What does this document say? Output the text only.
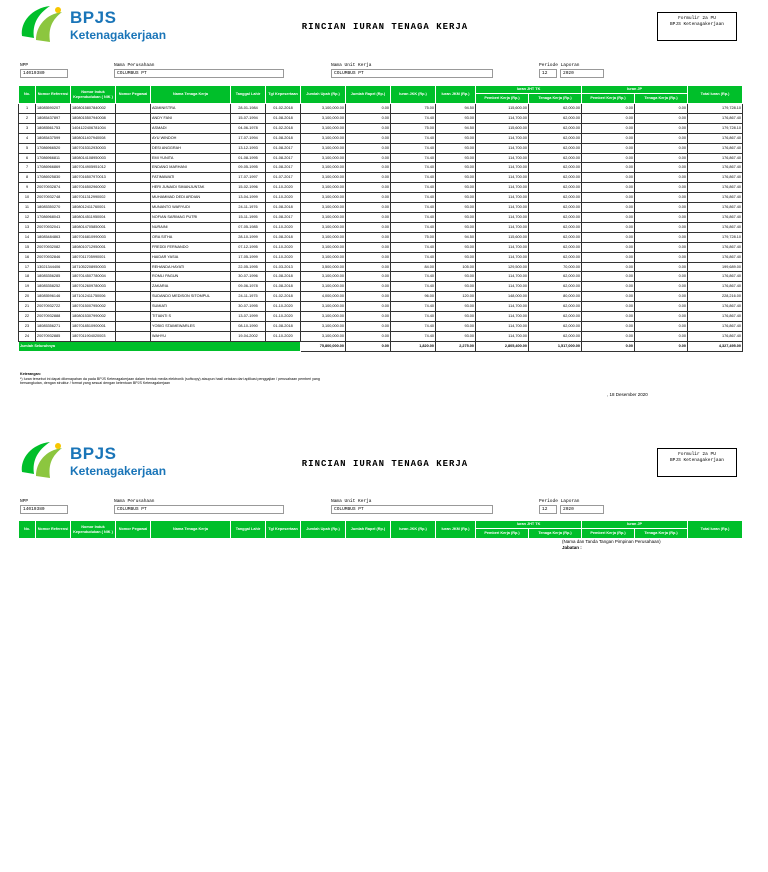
BPJS
Ketenagakerjaan
RINCIAN IURAN TENAGA KERJA
Formulir 2a PU
BPJS Ketenagakerjaan
NPP
14019380
Nama Perusahaan
COLUMBUS PT
Nama Unit Kerja
COLUMBUS PT
Periode Laporan
12	2020
No.	Nomor Referensi	Nomor Induk Kependudukan ( NIK )	Nomor Pegawai	Nama Tenaga Kerja	Tanggal Lahir	Tgl Kepesertaan	Jumlah Upah (Rp.)	Jumlah Rapel (Rp.)	Iuran JKK (Rp.)	Iuran JKM (Rp.)	Iuran JHT TK		Iuran JP		Total Iuran (Rp.)
											Pemberi Kerja (Rp.)	Tenaga Kerja (Rp.)	Pemberi Kerja (Rp.)	Tenaga Kerja (Rp.)	
1	18085590207	1808015807840002		ADMINISTRA	28-01-1984	01-02-2018	3,100,000.00	0.00	75.00	94.50	115,600.00	62,000.00	0.00	0.00	179,728.10
2	18085437897	1808015507940008		ANDY FANI	15-07-1994	01-08-2018	3,100,000.00	0.00	74.40	93.00	114,700.00	62,000.00	0.00	0.00	176,867.40
3	18085561753	1404122406781004		ASMADI	04-06-1978	01-02-2018	3,100,000.00	0.00	75.00	94.50	115,600.00	62,000.00	0.00	0.00	179,728.10
4	18085437599	1808011407940008		AYU WINDOH	17-07-1994	01-08-2018	3,100,000.00	0.00	74.40	93.00	114,700.00	62,000.00	0.00	0.00	176,867.40
5	17086966520	1807015312930003		DESI ANGGRAH	13-12-1993	01-08-2017	3,100,000.00	0.00	74.40	93.00	114,700.00	62,000.00	0.00	0.00	176,867.40
6	17086966811	1808014108950003		EMI YUNITA	01-08-1995	01-08-2017	3,100,000.00	0.00	74.40	93.00	114,700.00	62,000.00	0.00	0.00	176,867.40
7	17086966869	1807014905951012		ENDANG MARHANI	09-05-1995	01-08-2017	3,100,000.00	0.00	74.40	93.00	114,700.00	62,000.00	0.00	0.00	176,867.40
8	17086925830	1807016507970013		FATIMAWATI	17-07-1997	01-07-2017	3,100,000.00	0.00	74.40	93.00	114,700.00	62,000.00	0.00	0.00	176,867.40
9	20070932874	1807016502960002		HERI JUNAIDI SIMANJUNTAK	15-02-1996	01-10-2020	3,100,000.00	0.00	74.40	93.00	114,700.00	62,000.00	0.00	0.00	176,867.40
10	20070932748	1807011312990002		MUHAMMAD DEDI ARDIAN	13-04-1999	01-10-2020	3,100,000.00	0.00	74.40	93.00	114,700.00	62,000.00	0.00	0.00	176,867.40
11	18085350270	1808012411760001		MUNANTO WARYUDI	24-11-1976	01-08-2018	3,100,000.00	0.00	74.40	93.00	114,700.00	62,000.00	0.00	0.00	176,867.40
12	17086968043	1808014511950004		NOFIAN SARIMAG PUTRI	15-11-1995	01-08-2017	3,100,000.00	0.00	74.40	93.00	114,700.00	62,000.00	0.00	0.00	176,867.40
13	20070932041	1808014705850001		NURAINI	07-05-1985	01-10-2020	3,100,000.00	0.00	74.40	93.00	114,700.00	62,000.00	0.00	0.00	176,867.40
14	18085484863	1807016810990003		ORA SITHA	28-10-1999	01-08-2018	3,100,000.00	0.00	75.00	94.50	115,600.00	62,000.00	0.00	0.00	179,728.10
15	20070932082	1808010712950001		FREDDI FERNANDO	07-12-1995	01-10-2020	3,100,000.00	0.00	74.40	93.00	114,700.00	62,000.00	0.00	0.00	176,867.40
16	20070932846	1807011705990001		HAIDAR YASIA	17-05-1999	01-10-2020	3,100,000.00	0.00	74.40	93.00	114,700.00	62,000.00	0.00	0.00	176,867.40
17	13021344406	1871052208950003		REHANDA HAYATI	22-05-1995	01-03-2013	3,500,000.00	0.00	84.00	105.00	129,500.00	70,000.00	0.00	0.00	199,689.00
18	18085356285	1807014507780004		ROMLI PAGUN	30-07-1996	01-08-2018	3,100,000.00	0.00	74.40	93.00	114,700.00	62,000.00	0.00	0.00	176,867.40
19	18085358252	1807012609780003		ZAKARIA	09-06-1978	01-08-2018	3,100,000.00	0.00	74.40	93.00	114,700.00	62,000.00	0.00	0.00	176,867.40
20	18085596146	1871012411750006		SUDANDO MEDISON SITOMPUL	24-11-1975	01-02-2018	4,000,000.00	0.00	96.00	120.00	148,000.00	80,000.00	0.00	0.00	228,216.00
21	20070932722	1807015007950002		SUMIATI	30-07-1995	01-10-2020	3,100,000.00	0.00	74.40	93.00	114,700.00	62,000.00	0.00	0.00	176,867.40
22	20070932888	1808015307990002		TITIANTI S	13-07-1999	01-10-2020	3,100,000.00	0.00	74.40	93.00	114,700.00	62,000.00	0.00	0.00	176,867.40
23	18085356271	1807018510900001		YOBIG STAIMEWARLES	08-10-1990	01-08-2018	3,100,000.00	0.00	74.40	93.00	114,700.00	62,000.00	0.00	0.00	176,867.40
24	20070932885	1807011904020003		WAHYU	19-04-2002	01-10-2020	3,100,000.00	0.00	74.40	93.00	114,700.00	62,000.00	0.00	0.00	176,867.40
Jumlah Seluruhnya							75,800,000.00	0.00	1,820.00	2,275.00	2,805,400.00	1,517,000.00	0.00	0.00	4,327,495.00
Keterangan:
*) Iuran tersebut ini dapat dikenapahan da pada BPJS Ketenagakerjaan dalam bentuk media elektronik (softcopy) ataupun hasil cetakan dari aplikasi penggajian / perusahaan pemberi yang bersangkutan, dengan struktur / format yang sesuai dengan ketentuan BPJS Ketenagakerjaan
, 18 Desember 2020
BPJS
Ketenagakerjaan	RINCIAN IURAN TENAGA KERJA
Formulir 2a PU
BPJS Ketenagakerjaan
NPP
14019380
Nama Perusahaan
COLUMBUS PT
Nama Unit Kerja
COLUMBUS PT
Periode Laporan
12	2020
No.	Nomor Referensi	Nomor Induk Kependudukan ( NIK )	Nomor Pegawai	Nama Tenaga Kerja	Tanggal Lahir	Tgl Kepesertaan	Jumlah Upah (Rp.)	Jumlah Rapel (Rp.)	Iuran JKK (Rp.)	Iuran JKM (Rp.)	Iuran JHT TK		Iuran JP		Total Iuran (Rp.)
											Pemberi Kerja (Rp.)	Tenaga Kerja (Rp.)	Pemberi Kerja (Rp.)	Tenaga Kerja (Rp.)	
(Nama dan Tanda Tangan Pimpinan Perusahaan)
Jabatan :
